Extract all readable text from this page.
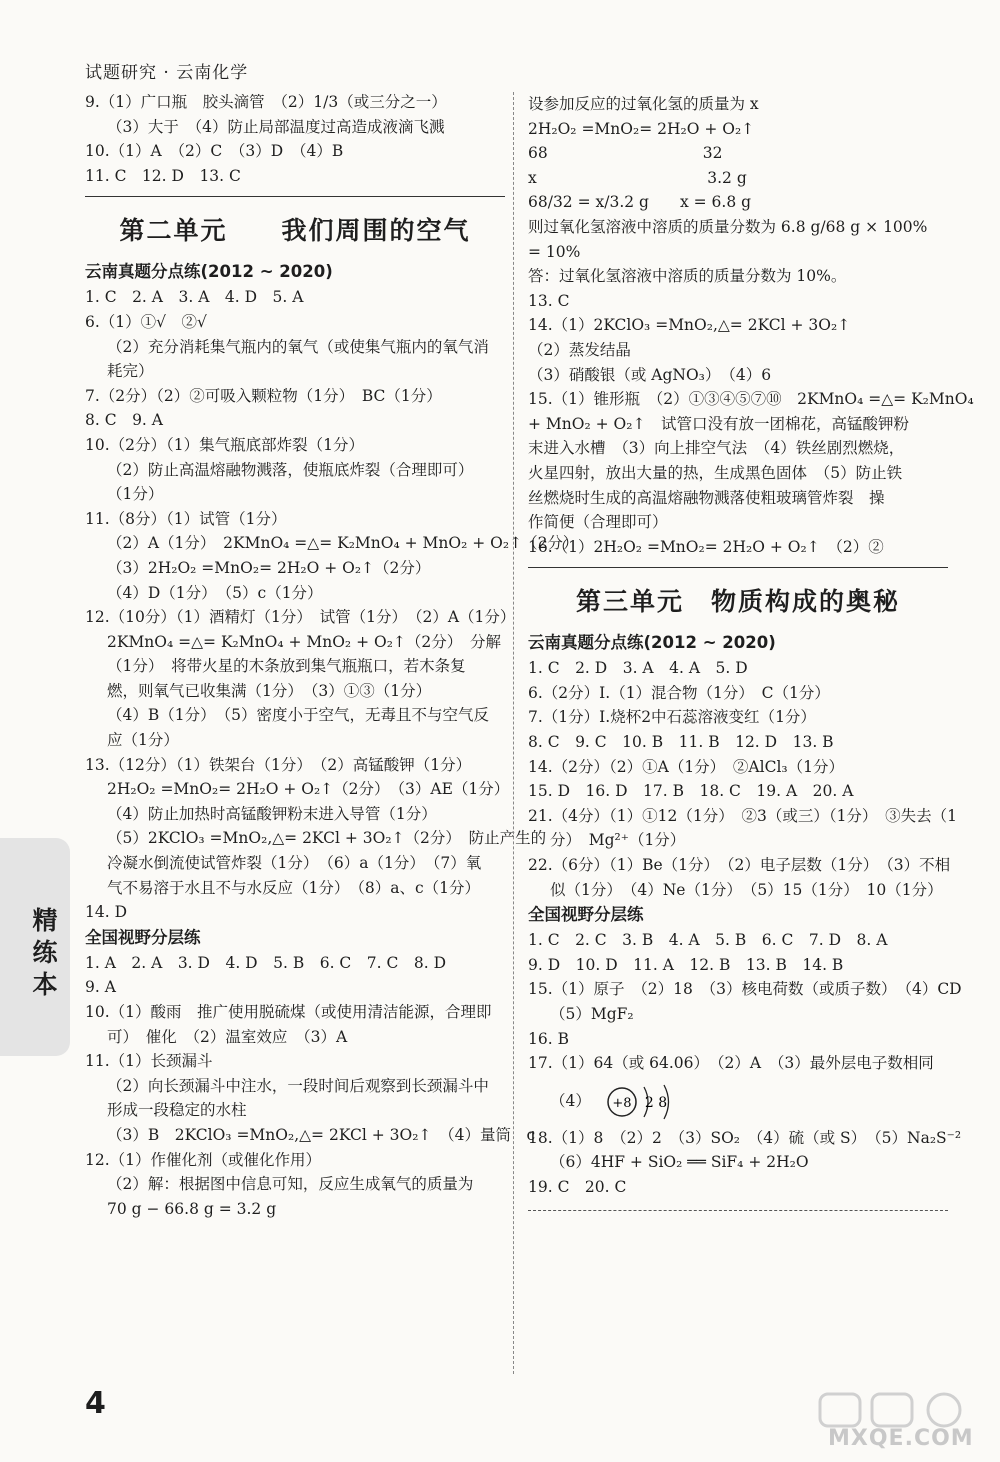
试题研究 · 云南化学
9.（1）广口瓶　胶头滴管　（2）1/3（或三分之一）
（3）大于　（4）防止局部温度过高造成液滴飞溅
10.（1）A　（2）C　（3）D　（4）B
11. C　12. D　13. C
第二单元　　我们周围的空气
云南真题分点练(2012 ~ 2020)
1. C　2. A　3. A　4. D　5. A
6.（1）①√　②√
（2）充分消耗集气瓶内的氧气（或使集气瓶内的氧气消
耗完）
7.（2分）（2）②可吸入颗粒物（1分）　BC（1分）
8. C　9. A
10.（2分）（1）集气瓶底部炸裂（1分）
（2）防止高温熔融物溅落，使瓶底炸裂（合理即可）
（1分）
11.（8分）（1）试管（1分）
（2）A（1分）　2KMnO₄ =△= K₂MnO₄ + MnO₂ + O₂↑（2分）
（3）2H₂O₂ =MnO₂= 2H₂O + O₂↑（2分）
（4）D（1分）　（5）c（1分）
12.（10分）（1）酒精灯（1分）　试管（1分）　（2）A（1分）
2KMnO₄ =△= K₂MnO₄ + MnO₂ + O₂↑（2分）　分解
（1分）　将带火星的木条放到集气瓶瓶口，若木条复
燃，则氧气已收集满（1分）　（3）①③（1分）
（4）B（1分）　（5）密度小于空气，无毒且不与空气反
应（1分）
13.（12分）（1）铁架台（1分）　（2）高锰酸钾（1分）
2H₂O₂ =MnO₂= 2H₂O + O₂↑（2分）　（3）AE（1分）
（4）防止加热时高锰酸钾粉末进入导管（1分）
（5）2KClO₃ =MnO₂,△= 2KCl + 3O₂↑（2分）　防止产生的
冷凝水倒流使试管炸裂（1分）　（6）a（1分）　（7）氧
气不易溶于水且不与水反应（1分）　（8）a、c（1分）
14. D
全国视野分层练
1. A　2. A　3. D　4. D　5. B　6. C　7. C　8. D
9. A
10.（1）酸雨　推广使用脱硫煤（或使用清洁能源，合理即
可）　催化　（2）温室效应　（3）A
11.（1）长颈漏斗
（2）向长颈漏斗中注水，一段时间后观察到长颈漏斗中
形成一段稳定的水柱
（3）B　2KClO₃ =MnO₂,△= 2KCl + 3O₂↑　（4）量筒　c
12.（1）作催化剂（或催化作用）
（2）解：根据图中信息可知，反应生成氧气的质量为
70 g − 66.8 g = 3.2 g
设参加反应的过氧化氢的质量为 x
2H₂O₂ =MnO₂= 2H₂O + O₂↑
68　　　　　　　　　　32
x　　　　　　　　　　　3.2 g
68/32 = x/3.2 g　　x = 6.8 g
则过氧化氢溶液中溶质的质量分数为 6.8 g/68 g × 100%
= 10%
答：过氧化氢溶液中溶质的质量分数为 10%。
13. C
14.（1）2KClO₃ =MnO₂,△= 2KCl + 3O₂↑
（2）蒸发结晶
（3）硝酸银（或 AgNO₃）　（4）6
15.（1）锥形瓶　（2）①③④⑤⑦⑩　2KMnO₄ =△= K₂MnO₄
+ MnO₂ + O₂↑　试管口没有放一团棉花，高锰酸钾粉
末进入水槽　（3）向上排空气法　（4）铁丝剧烈燃烧，
火星四射，放出大量的热，生成黑色固体　（5）防止铁
丝燃烧时生成的高温熔融物溅落使粗玻璃管炸裂　操
作简便（合理即可）
16.（1）2H₂O₂ =MnO₂= 2H₂O + O₂↑　（2）②
第三单元　物质构成的奥秘
云南真题分点练(2012 ~ 2020)
1. C　2. D　3. A　4. A　5. D
6.（2分）Ⅰ.（1）混合物（1分）　C（1分）
7.（1分）Ⅰ.烧杯2中石蕊溶液变红（1分）
8. C　9. C　10. B　11. B　12. D　13. B
14.（2分）（2）①A（1分）　②AlCl₃（1分）
15. D　16. D　17. B　18. C　19. A　20. A
21.（4分）（1）①12（1分）　②3（或三）（1分）　③失去（1
分）　Mg²⁺（1分）
22.（6分）（1）Be（1分）　（2）电子层数（1分）　（3）不相
似（1分）　（4）Ne（1分）　（5）15（1分）　10（1分）
全国视野分层练
1. C　2. C　3. B　4. A　5. B　6. C　7. D　8. A
9. D　10. D　11. A　12. B　13. B　14. B
15.（1）原子　（2）18　（3）核电荷数（或质子数）　（4）CD
（5）MgF₂
16. B
17.（1）64（或 64.06）　（2）A　（3）最外层电子数相同
（4） +8 2 8
18.（1）8　（2）2　（3）SO₂　（4）硫（或 S）　（5）Na₂S⁻²
（6）4HF + SiO₂ ══ SiF₄ + 2H₂O
19. C　20. C
精练本
4
MXQE.COM
